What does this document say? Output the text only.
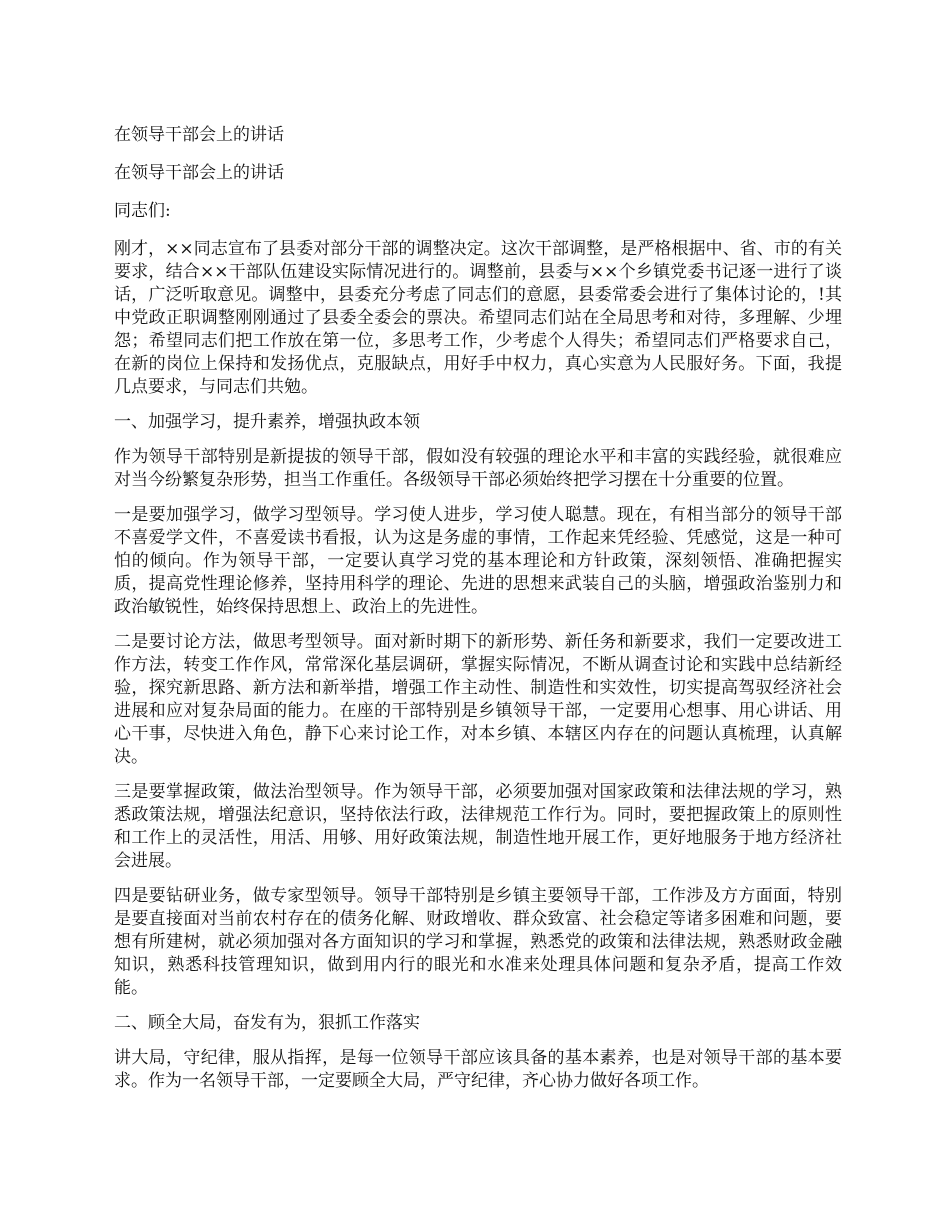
在领导干部会上的讲话

在领导干部会上的讲话

同志们:

刚才，××同志宣布了县委对部分干部的调整决定。这次干部调整，是严格根据中、省、市的有关要求，结合××干部队伍建设实际情况进行的。调整前，县委与××个乡镇党委书记逐一进行了谈话，广泛听取意见。调整中，县委充分考虑了同志们的意愿，县委常委会进行了集体讨论的，!其中党政正职调整刚刚通过了县委全委会的票决。希望同志们站在全局思考和对待，多理解、少埋怨；希望同志们把工作放在第一位，多思考工作，少考虑个人得失；希望同志们严格要求自己，在新的岗位上保持和发扬优点，克服缺点，用好手中权力，真心实意为人民服好务。下面，我提几点要求，与同志们共勉。

一、加强学习，提升素养，增强执政本领

作为领导干部特别是新提拔的领导干部，假如没有较强的理论水平和丰富的实践经验，就很难应对当今纷繁复杂形势，担当工作重任。各级领导干部必须始终把学习摆在十分重要的位置。

一是要加强学习，做学习型领导。学习使人进步，学习使人聪慧。现在，有相当部分的领导干部不喜爱学文件，不喜爱读书看报，认为这是务虚的事情，工作起来凭经验、凭感觉，这是一种可怕的倾向。作为领导干部，一定要认真学习党的基本理论和方针政策，深刻领悟、准确把握实质，提高党性理论修养，坚持用科学的理论、先进的思想来武装自己的头脑，增强政治鉴别力和政治敏锐性，始终保持思想上、政治上的先进性。

二是要讨论方法，做思考型领导。面对新时期下的新形势、新任务和新要求，我们一定要改进工作方法，转变工作作风，常常深化基层调研，掌握实际情况，不断从调查讨论和实践中总结新经验，探究新思路、新方法和新举措，增强工作主动性、制造性和实效性，切实提高驾驭经济社会进展和应对复杂局面的能力。在座的干部特别是乡镇领导干部，一定要用心想事、用心讲话、用心干事，尽快进入角色，静下心来讨论工作，对本乡镇、本辖区内存在的问题认真梳理，认真解决。

三是要掌握政策，做法治型领导。作为领导干部，必须要加强对国家政策和法律法规的学习，熟悉政策法规，增强法纪意识，坚持依法行政，法律规范工作行为。同时，要把握政策上的原则性和工作上的灵活性，用活、用够、用好政策法规，制造性地开展工作，更好地服务于地方经济社会进展。

四是要钻研业务，做专家型领导。领导干部特别是乡镇主要领导干部，工作涉及方方面面，特别是要直接面对当前农村存在的债务化解、财政增收、群众致富、社会稳定等诸多困难和问题，要想有所建树，就必须加强对各方面知识的学习和掌握，熟悉党的政策和法律法规，熟悉财政金融知识，熟悉科技管理知识，做到用内行的眼光和水准来处理具体问题和复杂矛盾，提高工作效能。

二、顾全大局，奋发有为，狠抓工作落实

讲大局，守纪律，服从指挥，是每一位领导干部应该具备的基本素养，也是对领导干部的基本要求。作为一名领导干部，一定要顾全大局，严守纪律，齐心协力做好各项工作。
